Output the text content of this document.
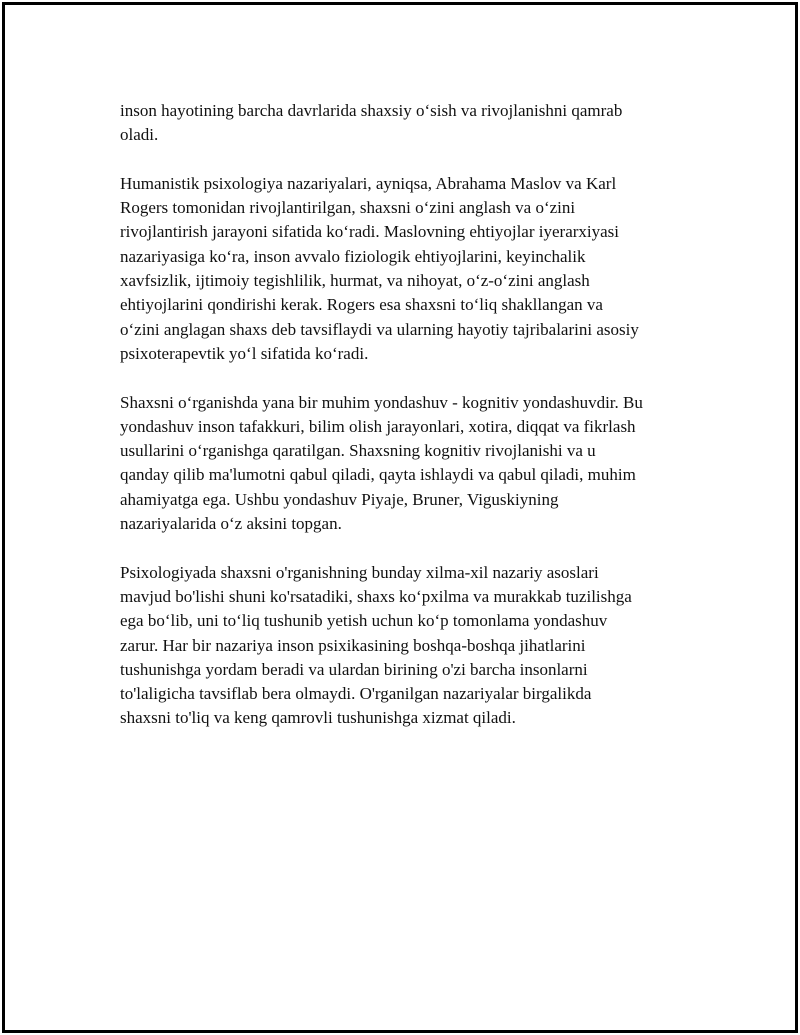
inson hayotining barcha davrlarida shaxsiy o‘sish va rivojlanishni qamrab
oladi.

Humanistik psixologiya nazariyalari, ayniqsa, Abrahama Maslov va Karl
Rogers tomonidan rivojlantirilgan, shaxsni o‘zini anglash va o‘zini
rivojlantirish jarayoni sifatida ko‘radi. Maslovning ehtiyojlar iyerarxiyasi
nazariyasiga ko‘ra, inson avvalo fiziologik ehtiyojlarini, keyinchalik
xavfsizlik, ijtimoiy tegishlilik, hurmat, va nihoyat, o‘z-o‘zini anglash
ehtiyojlarini qondirishi kerak. Rogers esa shaxsni to‘liq shakllangan va
o‘zini anglagan shaxs deb tavsiflaydi va ularning hayotiy tajribalarini asosiy
psixoterapevtik yo‘l sifatida ko‘radi.

Shaxsni o‘rganishda yana bir muhim yondashuv - kognitiv yondashuvdir. Bu
yondashuv inson tafakkuri, bilim olish jarayonlari, xotira, diqqat va fikrlash
usullarini o‘rganishga qaratilgan. Shaxsning kognitiv rivojlanishi va u
qanday qilib ma'lumotni qabul qiladi, qayta ishlaydi va qabul qiladi, muhim
ahamiyatga ega. Ushbu yondashuv Piyaje, Bruner, Viguskiyning
nazariyalarida o‘z aksini topgan.

Psixologiyada shaxsni o'rganishning bunday xilma-xil nazariy asoslari
mavjud bo'lishi shuni ko'rsatadiki, shaxs ko‘pxilma va murakkab tuzilishga
ega bo‘lib, uni to‘liq tushunib yetish uchun ko‘p tomonlama yondashuv
zarur. Har bir nazariya inson psixikasining boshqa-boshqa jihatlarini
tushunishga yordam beradi va ulardan birining o'zi barcha insonlarni
to'laligicha tavsiflab bera olmaydi. O'rganilgan nazariyalar birgalikda
shaxsni to'liq va keng qamrovli tushunishga xizmat qiladi.
